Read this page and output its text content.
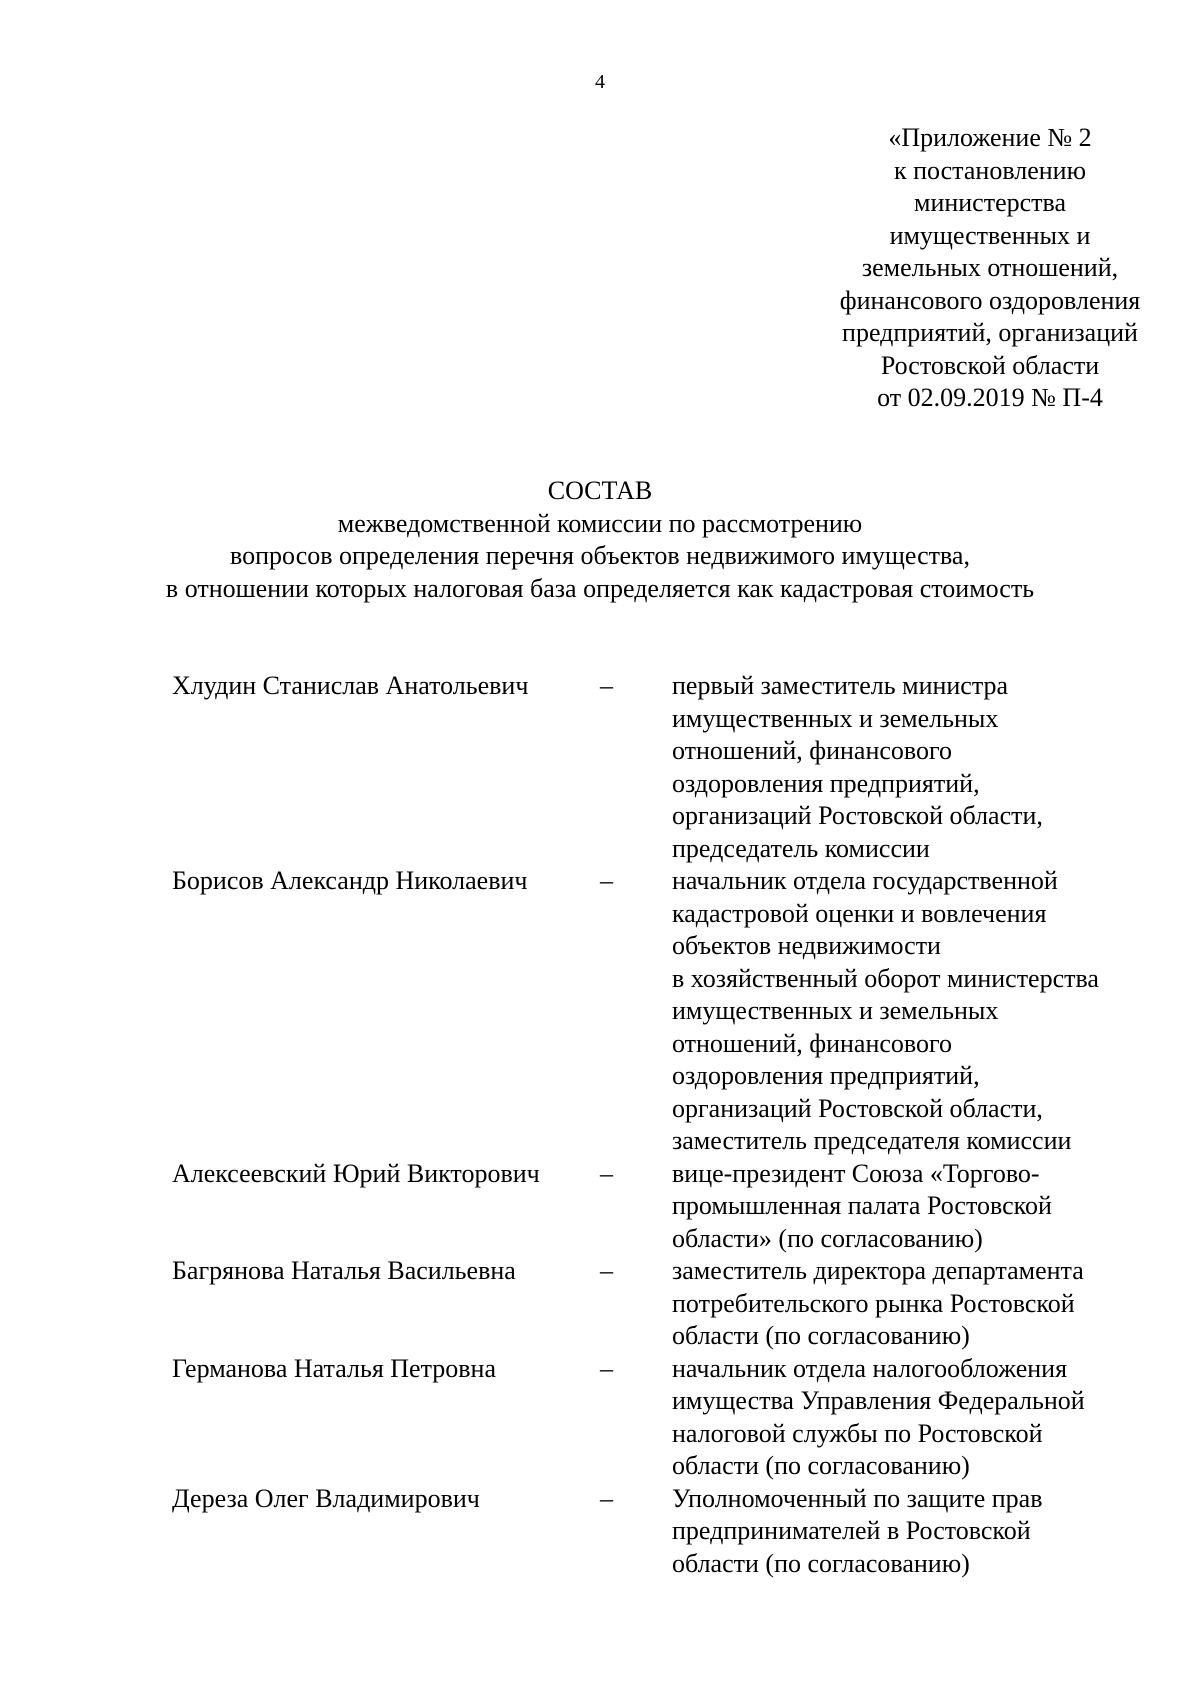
4
«Приложение № 2
к постановлению
министерства
имущественных и
земельных отношений,
финансового оздоровления
предприятий, организаций
Ростовской области
от 02.09.2019 № П-4
СОСТАВ
межведомственной комиссии по рассмотрению
вопросов определения перечня объектов недвижимого имущества,
в отношении которых налоговая база определяется как кадастровая стоимость
Хлудин Станислав Анатольевич	–	первый заместитель министра
имущественных и земельных
отношений, финансового
оздоровления предприятий,
организаций Ростовской области,
председатель комиссии
Борисов Александр Николаевич	–	начальник отдела государственной
кадастровой оценки и вовлечения
объектов недвижимости
в хозяйственный оборот министерства
имущественных и земельных
отношений, финансового
оздоровления предприятий,
организаций Ростовской области,
заместитель председателя комиссии
Алексеевский Юрий Викторович	–	вице-президент Союза «Торгово-
промышленная палата Ростовской
области» (по согласованию)
Багрянова Наталья Васильевна	–	заместитель директора департамента
потребительского рынка Ростовской
области (по согласованию)
Германова Наталья Петровна	–	начальник отдела налогообложения
имущества Управления Федеральной
налоговой службы по Ростовской
области (по согласованию)
Дереза Олег Владимирович	–	Уполномоченный по защите прав
предпринимателей в Ростовской
области (по согласованию)
